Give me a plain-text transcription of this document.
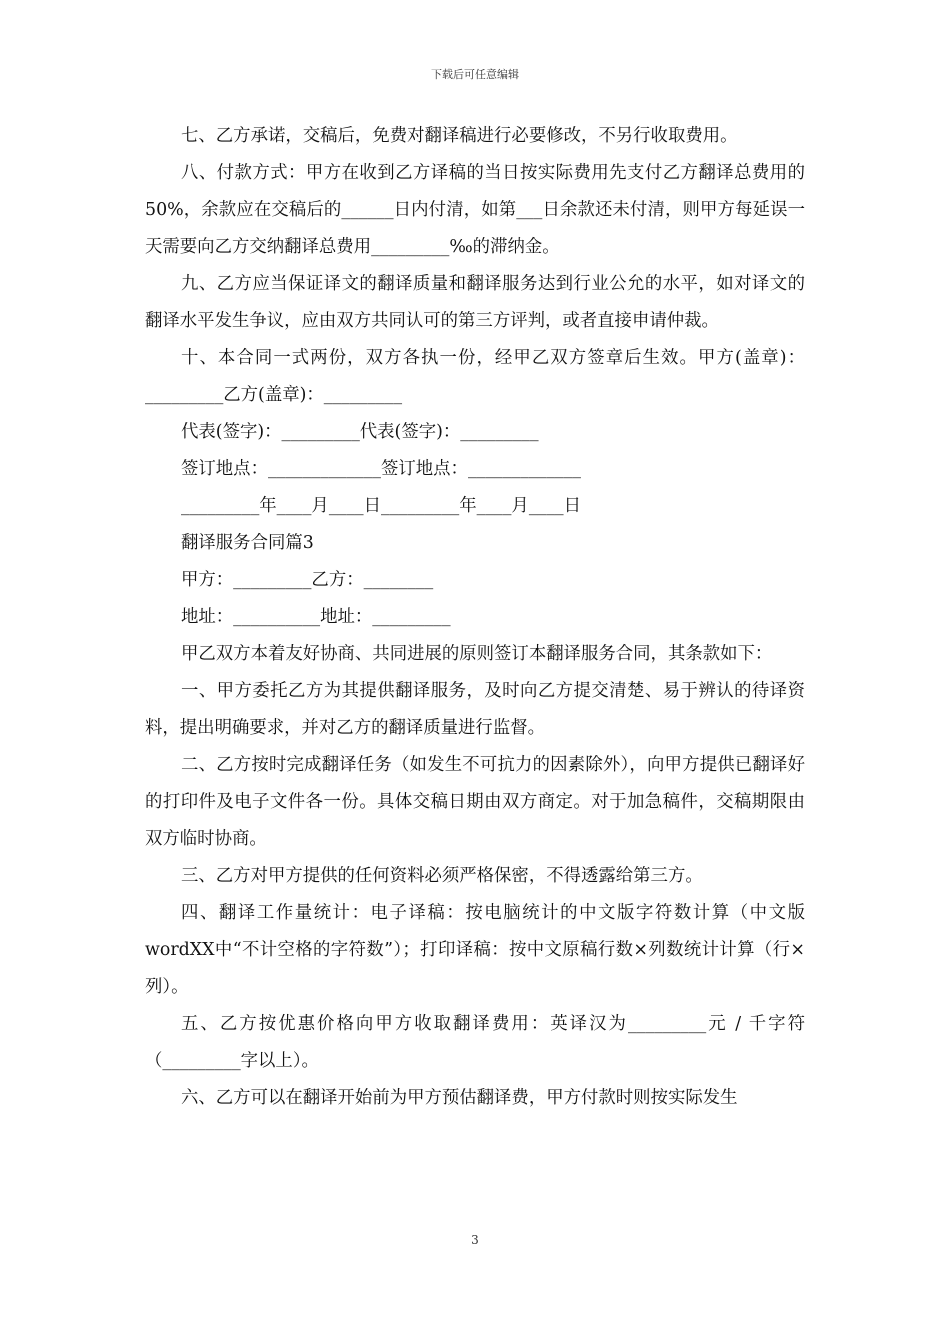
下载后可任意编辑

七、乙方承诺，交稿后，免费对翻译稿进行必要修改，不另行收取费用。

八、付款方式：甲方在收到乙方译稿的当日按实际费用先支付乙方翻译总费用的50%，余款应在交稿后的______日内付清，如第___日余款还未付清，则甲方每延误一天需要向乙方交纳翻译总费用_________‰的滞纳金。

九、乙方应当保证译文的翻译质量和翻译服务达到行业公允的水平，如对译文的翻译水平发生争议，应由双方共同认可的第三方评判，或者直接申请仲裁。

十、本合同一式两份，双方各执一份，经甲乙双方签章后生效。甲方(盖章)：_________乙方(盖章)：_________

代表(签字)：_________代表(签字)：_________

签订地点：_____________签订地点：_____________

_________年____月____日_________年____月____日

翻译服务合同篇3

甲方：_________乙方：________

地址：__________地址：_________

甲乙双方本着友好协商、共同进展的原则签订本翻译服务合同，其条款如下：

一、甲方委托乙方为其提供翻译服务，及时向乙方提交清楚、易于辨认的待译资料，提出明确要求，并对乙方的翻译质量进行监督。

二、乙方按时完成翻译任务（如发生不可抗力的因素除外），向甲方提供已翻译好的打印件及电子文件各一份。具体交稿日期由双方商定。对于加急稿件，交稿期限由双方临时协商。

三、乙方对甲方提供的任何资料必须严格保密，不得透露给第三方。

四、翻译工作量统计：电子译稿：按电脑统计的中文版字符数计算（中文版wordXX中“不计空格的字符数”）；打印译稿：按中文原稿行数×列数统计计算（行×列）。

五、乙方按优惠价格向甲方收取翻译费用：英译汉为_________元 / 千字符（_________字以上）。

六、乙方可以在翻译开始前为甲方预估翻译费，甲方付款时则按实际发生

3
